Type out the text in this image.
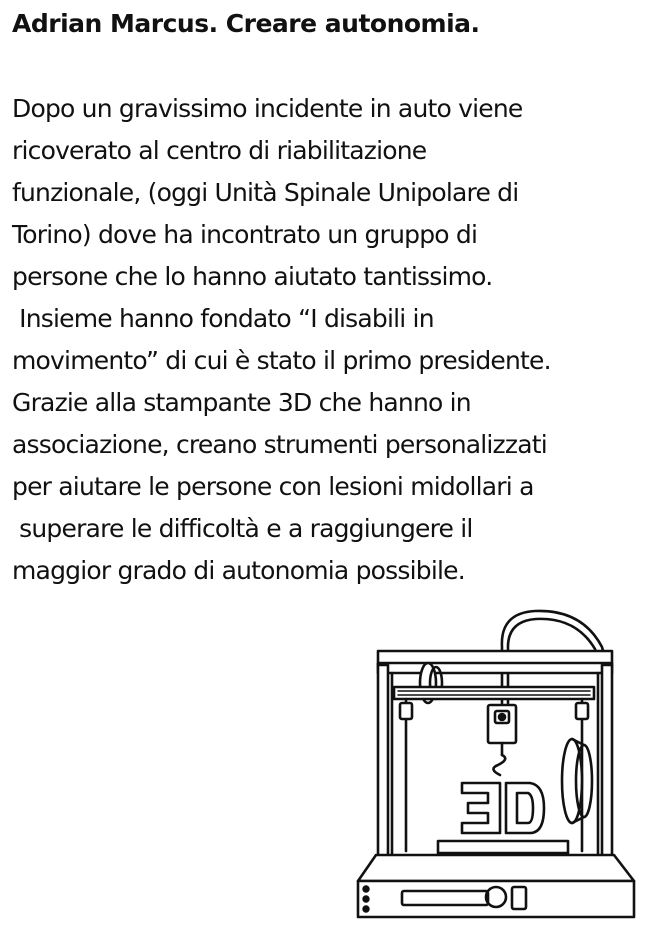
Adrian Marcus. Creare autonomia.

Dopo un gravissimo incidente in auto viene
ricoverato al centro di riabilitazione
funzionale, (oggi Unità Spinale Unipolare di
Torino) dove ha incontrato un gruppo di
persone che lo hanno aiutato tantissimo.
Insieme hanno fondato “I disabili in
movimento” di cui è stato il primo presidente.
Grazie alla stampante 3D che hanno in
associazione, creano strumenti personalizzati
per aiutare le persone con lesioni midollari a
superare le difficoltà e a raggiungere il
maggior grado di autonomia possibile.
